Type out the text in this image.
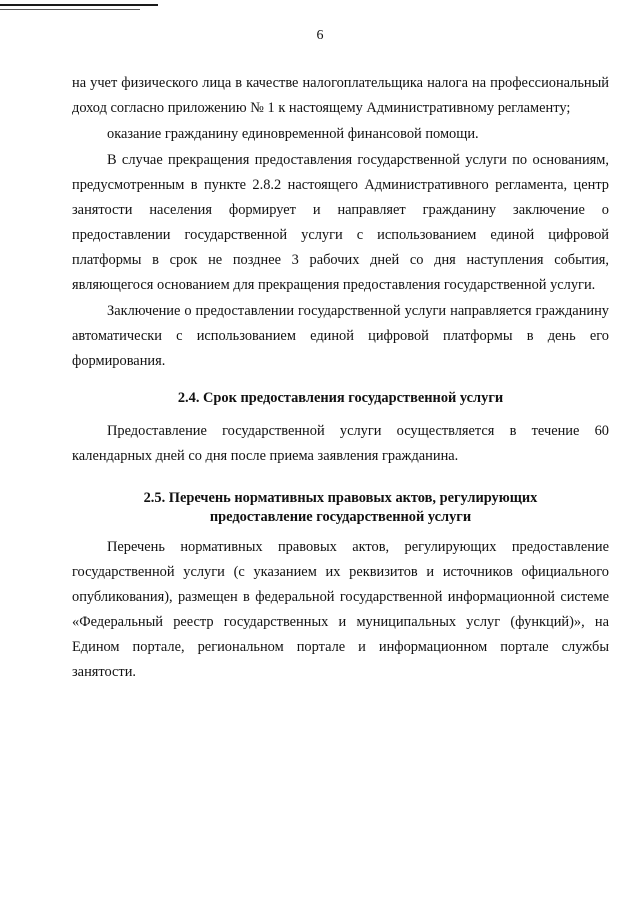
6

на учет физического лица в качестве налогоплательщика налога на профессиональный доход согласно приложению № 1 к настоящему Административному регламенту;

оказание гражданину единовременной финансовой помощи.

В случае прекращения предоставления государственной услуги по основаниям, предусмотренным в пункте 2.8.2 настоящего Административного регламента, центр занятости населения формирует и направляет гражданину заключение о предоставлении государственной услуги с использованием единой цифровой платформы в срок не позднее 3 рабочих дней со дня наступления события, являющегося основанием для прекращения предоставления государственной услуги.

Заключение о предоставлении государственной услуги направляется гражданину автоматически с использованием единой цифровой платформы в день его формирования.

2.4. Срок предоставления государственной услуги

Предоставление государственной услуги осуществляется в течение 60 календарных дней со дня после приема заявления гражданина.

2.5. Перечень нормативных правовых актов, регулирующих
предоставление государственной услуги

Перечень нормативных правовых актов, регулирующих предоставление государственной услуги (с указанием их реквизитов и источников официального опубликования), размещен в федеральной государственной информационной системе «Федеральный реестр государственных и муниципальных услуг (функций)», на Едином портале, региональном портале и информационном портале службы занятости.
